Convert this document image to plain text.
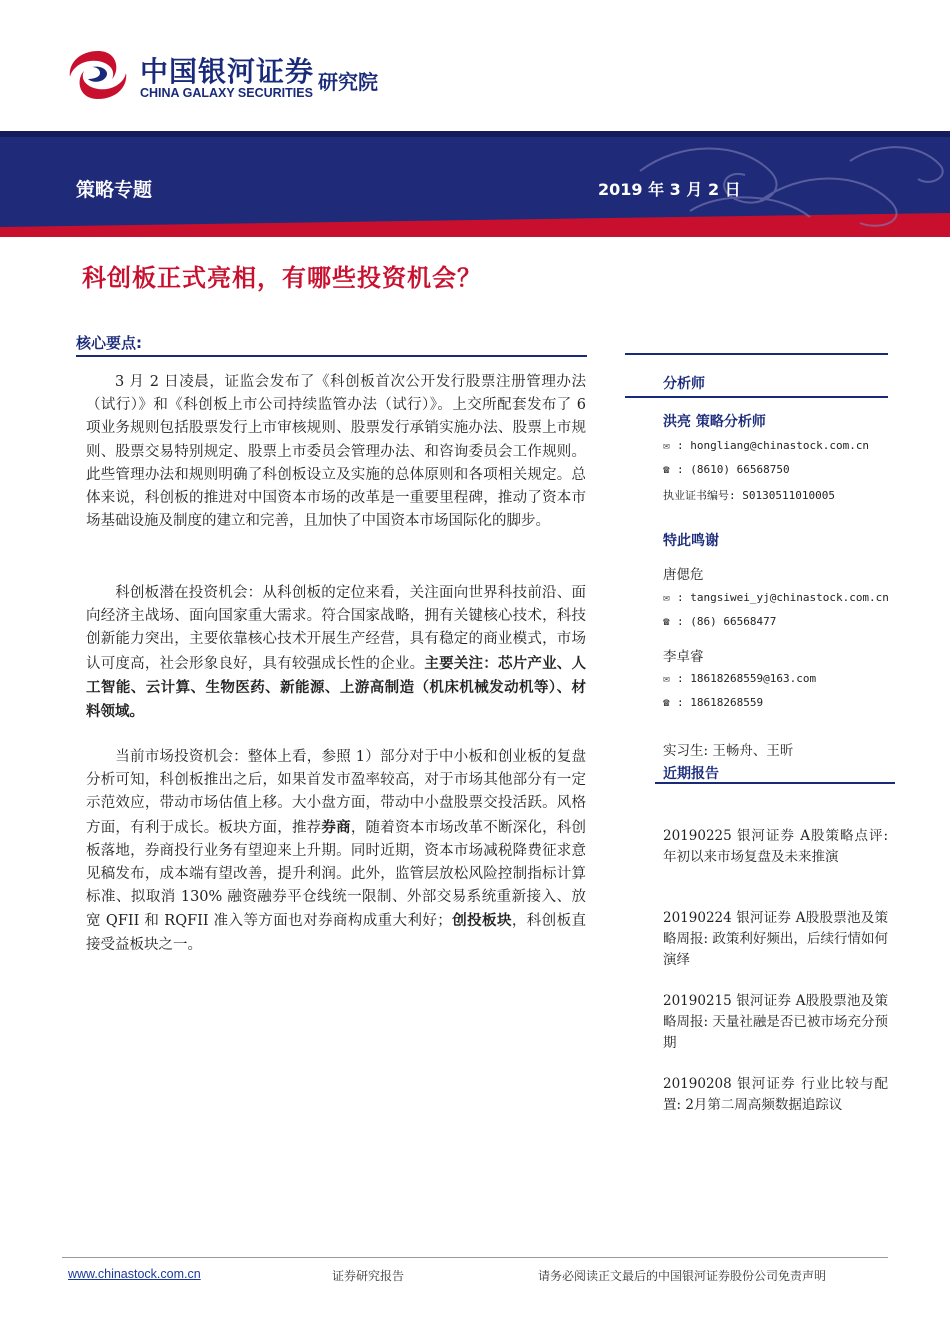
中国银河证券
CHINA GALAXY SECURITIES 研究院
策略专题	2019 年 3 月 2 日
科创板正式亮相，有哪些投资机会？
核心要点:
3 月 2 日凌晨，证监会发布了《科创板首次公开发行股票注册管理办法（试行）》和《科创板上市公司持续监管办法（试行）》。上交所配套发布了 6 项业务规则包括股票发行上市审核规则、股票发行承销实施办法、股票上市规则、股票交易特别规定、股票上市委员会管理办法、和咨询委员会工作规则。此些管理办法和规则明确了科创板设立及实施的总体原则和各项相关规定。总体来说，科创板的推进对中国资本市场的改革是一重要里程碑，推动了资本市场基础设施及制度的建立和完善，且加快了中国资本市场国际化的脚步。
科创板潜在投资机会：从科创板的定位来看，关注面向世界科技前沿、面向经济主战场、面向国家重大需求。符合国家战略，拥有关键核心技术，科技创新能力突出，主要依靠核心技术开展生产经营，具有稳定的商业模式，市场认可度高，社会形象良好，具有较强成长性的企业。主要关注：芯片产业、人工智能、云计算、生物医药、新能源、上游高制造（机床机械发动机等）、材料领域。
当前市场投资机会：整体上看，参照 1）部分对于中小板和创业板的复盘分析可知，科创板推出之后，如果首发市盈率较高，对于市场其他部分有一定示范效应，带动市场估值上移。大小盘方面，带动中小盘股票交投活跃。风格方面，有利于成长。板块方面，推荐券商，随着资本市场改革不断深化，科创板落地，券商投行业务有望迎来上升期。同时近期，资本市场减税降费征求意见稿发布，成本端有望改善，提升利润。此外，监管层放松风险控制指标计算标准、拟取消 130% 融资融券平仓线统一限制、外部交易系统重新接入、放宽 QFII 和 RQFII 准入等方面也对券商构成重大利好；创投板块，科创板直接受益板块之一。
分析师
洪亮 策略分析师
✉ : hongliang@chinastock.com.cn
☎ : (8610) 66568750
执业证书编号: S0130511010005
特此鸣谢
唐偲危
✉ : tangsiwei_yj@chinastock.com.cn
☎ : (86) 66568477
李卓睿
✉ : 18618268559@163.com
☎ : 18618268559
实习生: 王畅舟、王昕
近期报告
20190225 银河证券 A股策略点评: 年初以来市场复盘及未来推演
20190224 银河证券 A股股票池及策略周报: 政策利好频出，后续行情如何演绎
20190215 银河证券 A股股票池及策略周报: 天量社融是否已被市场充分预期
20190208 银河证券 行业比较与配置: 2月第二周高频数据追踪议
www.chinastock.com.cn	证券研究报告	请务必阅读正文最后的中国银河证券股份公司免责声明
